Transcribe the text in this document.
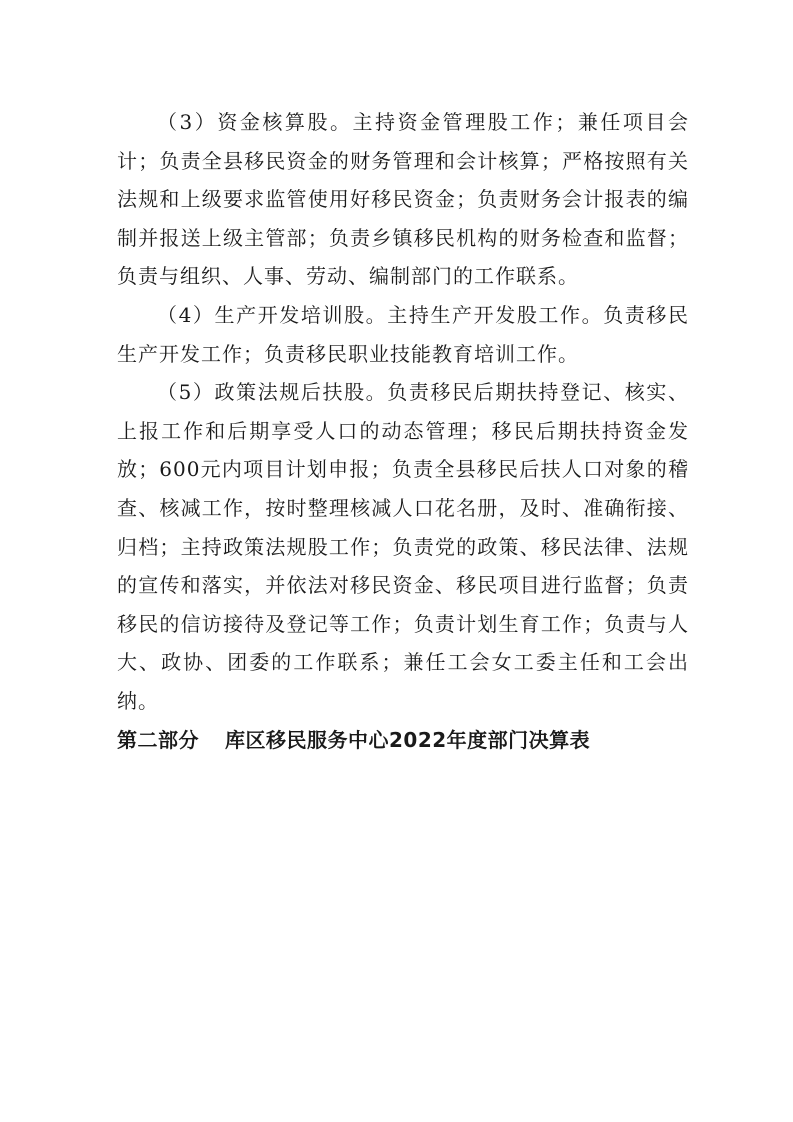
（3）资金核算股。主持资金管理股工作；兼任项目会计；负责全县移民资金的财务管理和会计核算；严格按照有关法规和上级要求监管使用好移民资金；负责财务会计报表的编制并报送上级主管部；负责乡镇移民机构的财务检查和监督；负责与组织、人事、劳动、编制部门的工作联系。

（4）生产开发培训股。主持生产开发股工作。负责移民生产开发工作；负责移民职业技能教育培训工作。

（5）政策法规后扶股。负责移民后期扶持登记、核实、上报工作和后期享受人口的动态管理；移民后期扶持资金发放；600元内项目计划申报；负责全县移民后扶人口对象的稽查、核减工作，按时整理核减人口花名册，及时、准确衔接、归档；主持政策法规股工作；负责党的政策、移民法律、法规的宣传和落实，并依法对移民资金、移民项目进行监督；负责移民的信访接待及登记等工作；负责计划生育工作；负责与人大、政协、团委的工作联系；兼任工会女工委主任和工会出纳。

第二部分 库区移民服务中心2022年度部门决算表
